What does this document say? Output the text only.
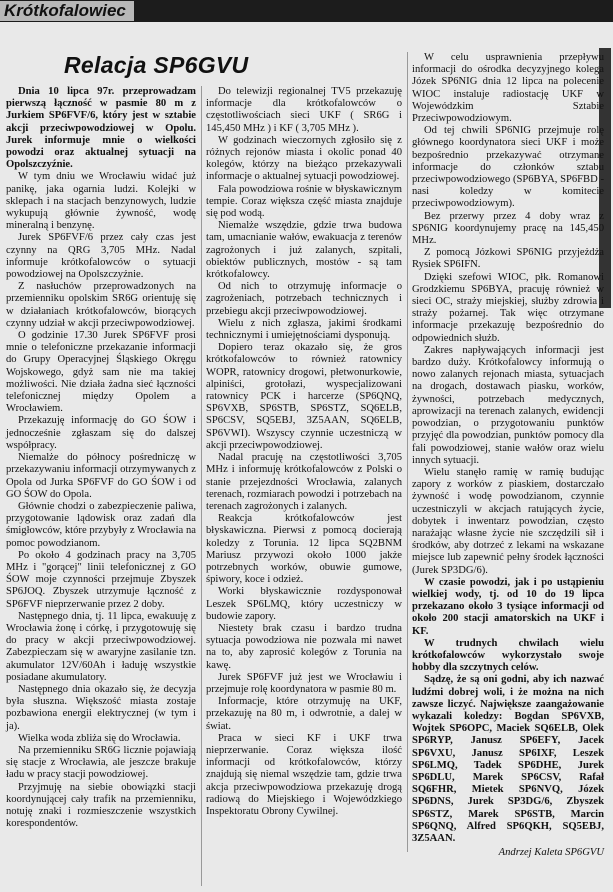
Krótkofalowiec
Relacja SP6GVU

Dnia 10 lipca 97r. przeprowadzam pierwszą łączność w pasmie 80 m z Jurkiem SP6FVF/6, który jest w sztabie akcji przeciwpowodziowej w Opolu. Jurek informuje mnie o wielkości powodzi oraz aktualnej sytuacji na Opolszczyźnie.

W tym dniu we Wrocławiu widać już panikę, jaka ogarnia ludzi. Kolejki w sklepach i na stacjach benzynowych, ludzie wykupują głównie żywność, wodę mineralną i benzynę.

Jurek SP6FVF/6 przez cały czas jest czynny na QRG 3,705 MHz. Nadal informuje krótkofalowców o sytuacji powodziowej na Opolszczyźnie.

Z nasłuchów przeprowadzonych na przemienniku opolskim SR6G orientuję się w działaniach krótkofalowców, biorących czynny udział w akcji przeciwpowodziowej.

O godzinie 17.30 Jurek SP6FVF prosi mnie o telefoniczne przekazanie informacji do Grupy Operacyjnej Śląskiego Okręgu Wojskowego, gdyż sam nie ma takiej możliwości. Nie działa żadna sieć łączności telefonicznej między Opolem a Wrocławiem.

Przekazuję informację do GO ŚOW i jednocześnie zgłaszam się do dalszej współpracy.

Niemalże do północy pośredniczę w przekazywaniu informacji otrzymywanych z Opola od Jurka SP6FVF do GO ŚOW i od GO ŚOW do Opola.

Głównie chodzi o zabezpieczenie paliwa, przygotowanie lądowisk oraz zadań dla śmigłowców, które przybyły z Wrocławia na pomoc powodzianom.

Po około 4 godzinach pracy na 3,705 MHz i "gorącej" linii telefonicznej z GO ŚOW moje czynności przejmuje Zbyszek SP6JOQ. Zbyszek utrzymuje łączność z SP6FVF nieprzerwanie przez 2 doby.

Następnego dnia, tj. 11 lipca, ewakuuję z Wrocławia żonę i córkę, i przygotowuję się do pracy w akcji przeciwpowodziowej. Zabezpieczam się w awaryjne zasilanie tzn. akumulator 12V/60Ah i ładuję wszystkie posiadane akumulatory.

Następnego dnia okazało się, że decyzja była słuszna. Większość miasta zostaje pozbawiona energii elektrycznej (w tym i ja).

Wielka woda zbliża się do Wrocławia.

Na przemienniku SR6G licznie pojawiają się stacje z Wrocławia, ale jeszcze brakuje ładu w pracy stacji powodziowej.

Przyjmuję na siebie obowiązki stacji koordynującej cały trafik na przemienniku, notuję znaki i rozmieszczenie wszystkich korespondentów.

Do telewizji regionalnej TV5 przekazuję informacje dla krótkofalowców o częstotliwościach sieci UKF ( SR6G i 145,450 MHz ) i KF ( 3,705 MHz ).

W godzinach wieczornych zgłosiło się z różnych rejonów miasta i okolic ponad 40 kolegów, którzy na bieżąco przekazywali informacje o aktualnej sytuacji powodziowej.

Fala powodziowa rośnie w błyskawicznym tempie. Coraz większa część miasta znajduje się pod wodą.

Niemalże wszędzie, gdzie trwa budowa tam, umacnianie wałów, ewakuacja z terenów zagrożonych i już zalanych, szpitali, obiektów publicznych, mostów - są tam krótkofalowcy.

Od nich to otrzymuję informacje o zagrożeniach, potrzebach technicznych i przebiegu akcji przeciwpowodziowej.

Wielu z nich zgłasza, jakimi środkami technicznymi i umiejętnościami dysponują.

Dopiero teraz okazało się, że gros krótkofalowców to również ratownicy WOPR, ratownicy drogowi, płetwonurkowie, alpiniści, grotołazi, wyspecjalizowani ratownicy PCK i harcerze (SP6QNQ, SP6VXB, SP6STB, SP6STZ, SQ6ELB, SP6CSV, SQ5EBJ, 3Z5AAN, SQ6ELB, SP6VWI). Wszyscy czynnie uczestniczą w akcji przeciwpowodziowej.

Nadal pracuję na częstotliwości 3,705 MHz i informuję krótkofalowców z Polski o stanie przejezdności Wrocławia, zalanych terenach, rozmiarach powodzi i potrzebach na terenach zagrożonych i zalanych.

Reakcja krótkofalowców jest błyskawiczna. Pierwsi z pomocą docierają koledzy z Torunia. 12 lipca SQ2BNM Mariusz przywozi około 1000 jakże potrzebnych worków, obuwie gumowe, śpiwory, koce i odzież.

Worki błyskawicznie rozdysponował Leszek SP6LMQ, który uczestniczy w budowie zapory.

Niestety brak czasu i bardzo trudna sytuacja powodziowa nie pozwala mi nawet na to, aby zaprosić kolegów z Torunia na kawę.

Jurek SP6FVF już jest we Wrocławiu i przejmuje rolę koordynatora w pasmie 80 m.

Informacje, które otrzymuję na UKF, przekazuję na 80 m, i odwrotnie, a dalej w świat.

Praca w sieci KF i UKF trwa nieprzerwanie. Coraz większa ilość informacji od krótkofalowców, którzy znajdują się niemal wszędzie tam, gdzie trwa akcja przeciwpowodziowa przekazuję drogą radiową do Miejskiego i Wojewódzkiego Inspektoratu Obrony Cywilnej.

W celu usprawnienia przepływu informacji do ośrodka decyzyjnego kolega Józek SP6NIG dnia 12 lipca na polecenie WIOC instaluje radiostację UKF w Wojewódzkim Sztabie Przeciwpowodziowym.

Od tej chwili SP6NIG przejmuje rolę głównego koordynatora sieci UKF i może bezpośrednio przekazywać otrzymane informacje do członków sztabu przeciwpowodziowego (SP6BYA, SP6FBD - nasi koledzy w komitecie przeciwpowodziowym).

Bez przerwy przez 4 doby wraz z SP6NIG koordynujemy pracę na 145,450 MHz.

Z pomocą Józkowi SP6NIG przyjeżdża Rysiek SP6IFN.

Dzięki szefowi WIOC, płk. Romanowi Grodzkiemu SP6BYA, pracuję również w sieci OC, straży miejskiej, służby zdrowia i straży pożarnej. Tak więc otrzymane informacje przekazuję bezpośrednio do odpowiednich służb.

Zakres napływających informacji jest bardzo duży. Krótkofalowcy informują o nowo zalanych rejonach miasta, sytuacjach na drogach, dostawach piasku, worków, żywności, potrzebach medycznych, aprowizacji na terenach zalanych, ewidencji powodzian, o przygotowaniu punktów przyjęć dla powodzian, punktów pomocy dla fali powodziowej, stanie wałów oraz wielu innych sytuacji.

Wielu stanęło ramię w ramię budując zapory z worków z piaskiem, dostarczało żywność i wodę powodzianom, czynnie uczestniczyli w akcjach ratujących życie, dobytek i inwentarz powodzian, często narażając własne życie nie szczędzili sił i środków, aby dotrzeć z lekami na wskazane miejsce lub zapewnić pełny środek łączności (Jurek SP3DG/6).

W czasie powodzi, jak i po ustąpieniu wielkiej wody, tj. od 10 do 19 lipca przekazano około 3 tysiące informacji od około 200 stacji amatorskich na UKF i KF.

W trudnych chwilach wielu krótkofalowców wykorzystało swoje hobby dla szczytnych celów.

Sądzę, że są oni godni, aby ich nazwać ludźmi dobrej woli, i że można na nich zawsze liczyć. Największe zaangażowanie wykazali koledzy: Bogdan SP6VXB, Wojtek SP6OPC, Maciek SQ6ELB, Olek SP6RYP, Janusz SP6EFY, Jacek SP6VXU, Janusz SP6IXF, Leszek SP6LMQ, Tadek SP6DHE, Jurek SP6DLU, Marek SP6CSV, Rafał SQ6FHR, Mietek SP6NVQ, Józek SP6DNS, Jurek SP3DG/6, Zbyszek SP6STZ, Marek SP6STB, Marcin SP6QNQ, Alfred SP6QKH, SQ5EBJ, 3Z5AAN.

Andrzej Kaleta SP6GVU
